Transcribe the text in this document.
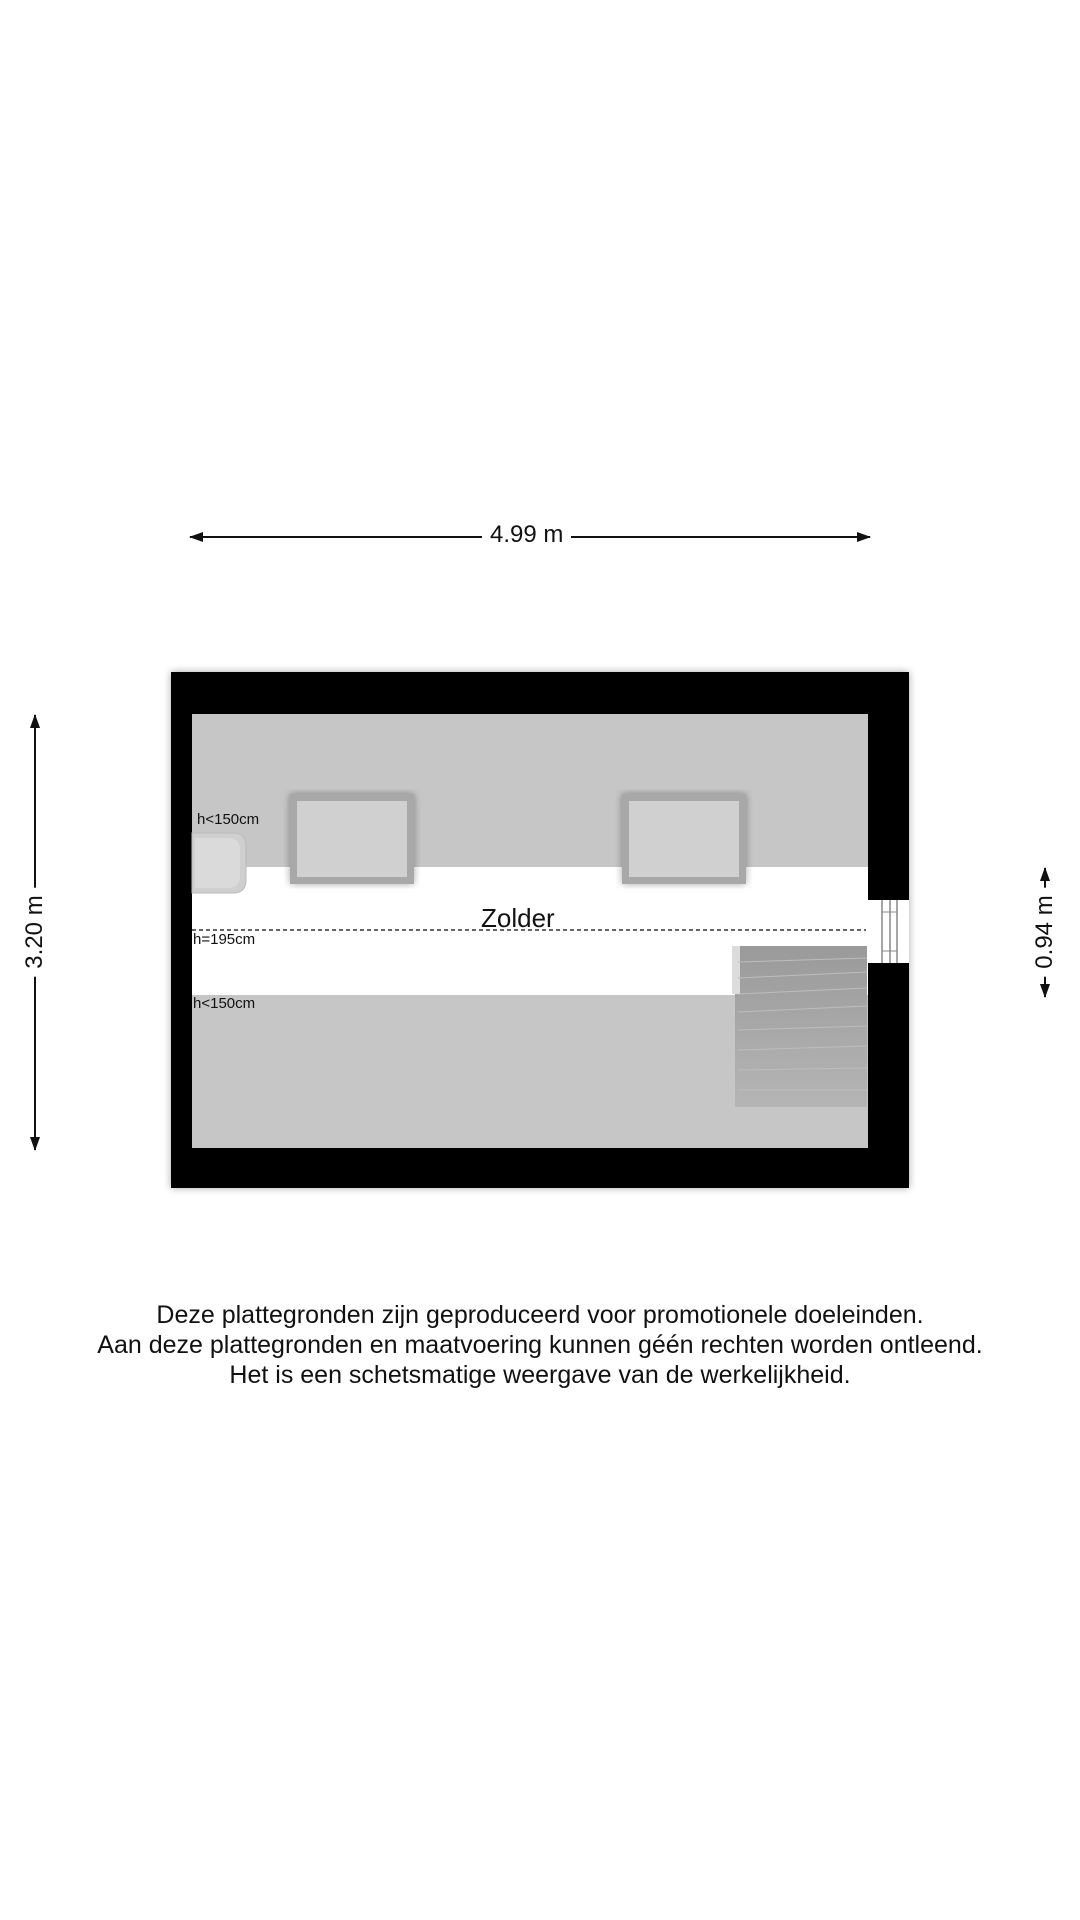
4.99 m
3.20 m	0.94 m
Zolder
h<150cm
h=195cm
h<150cm
Deze plattegronden zijn geproduceerd voor promotionele doeleinden.
Aan deze plattegronden en maatvoering kunnen géén rechten worden ontleend.
Het is een schetsmatige weergave van de werkelijkheid.
